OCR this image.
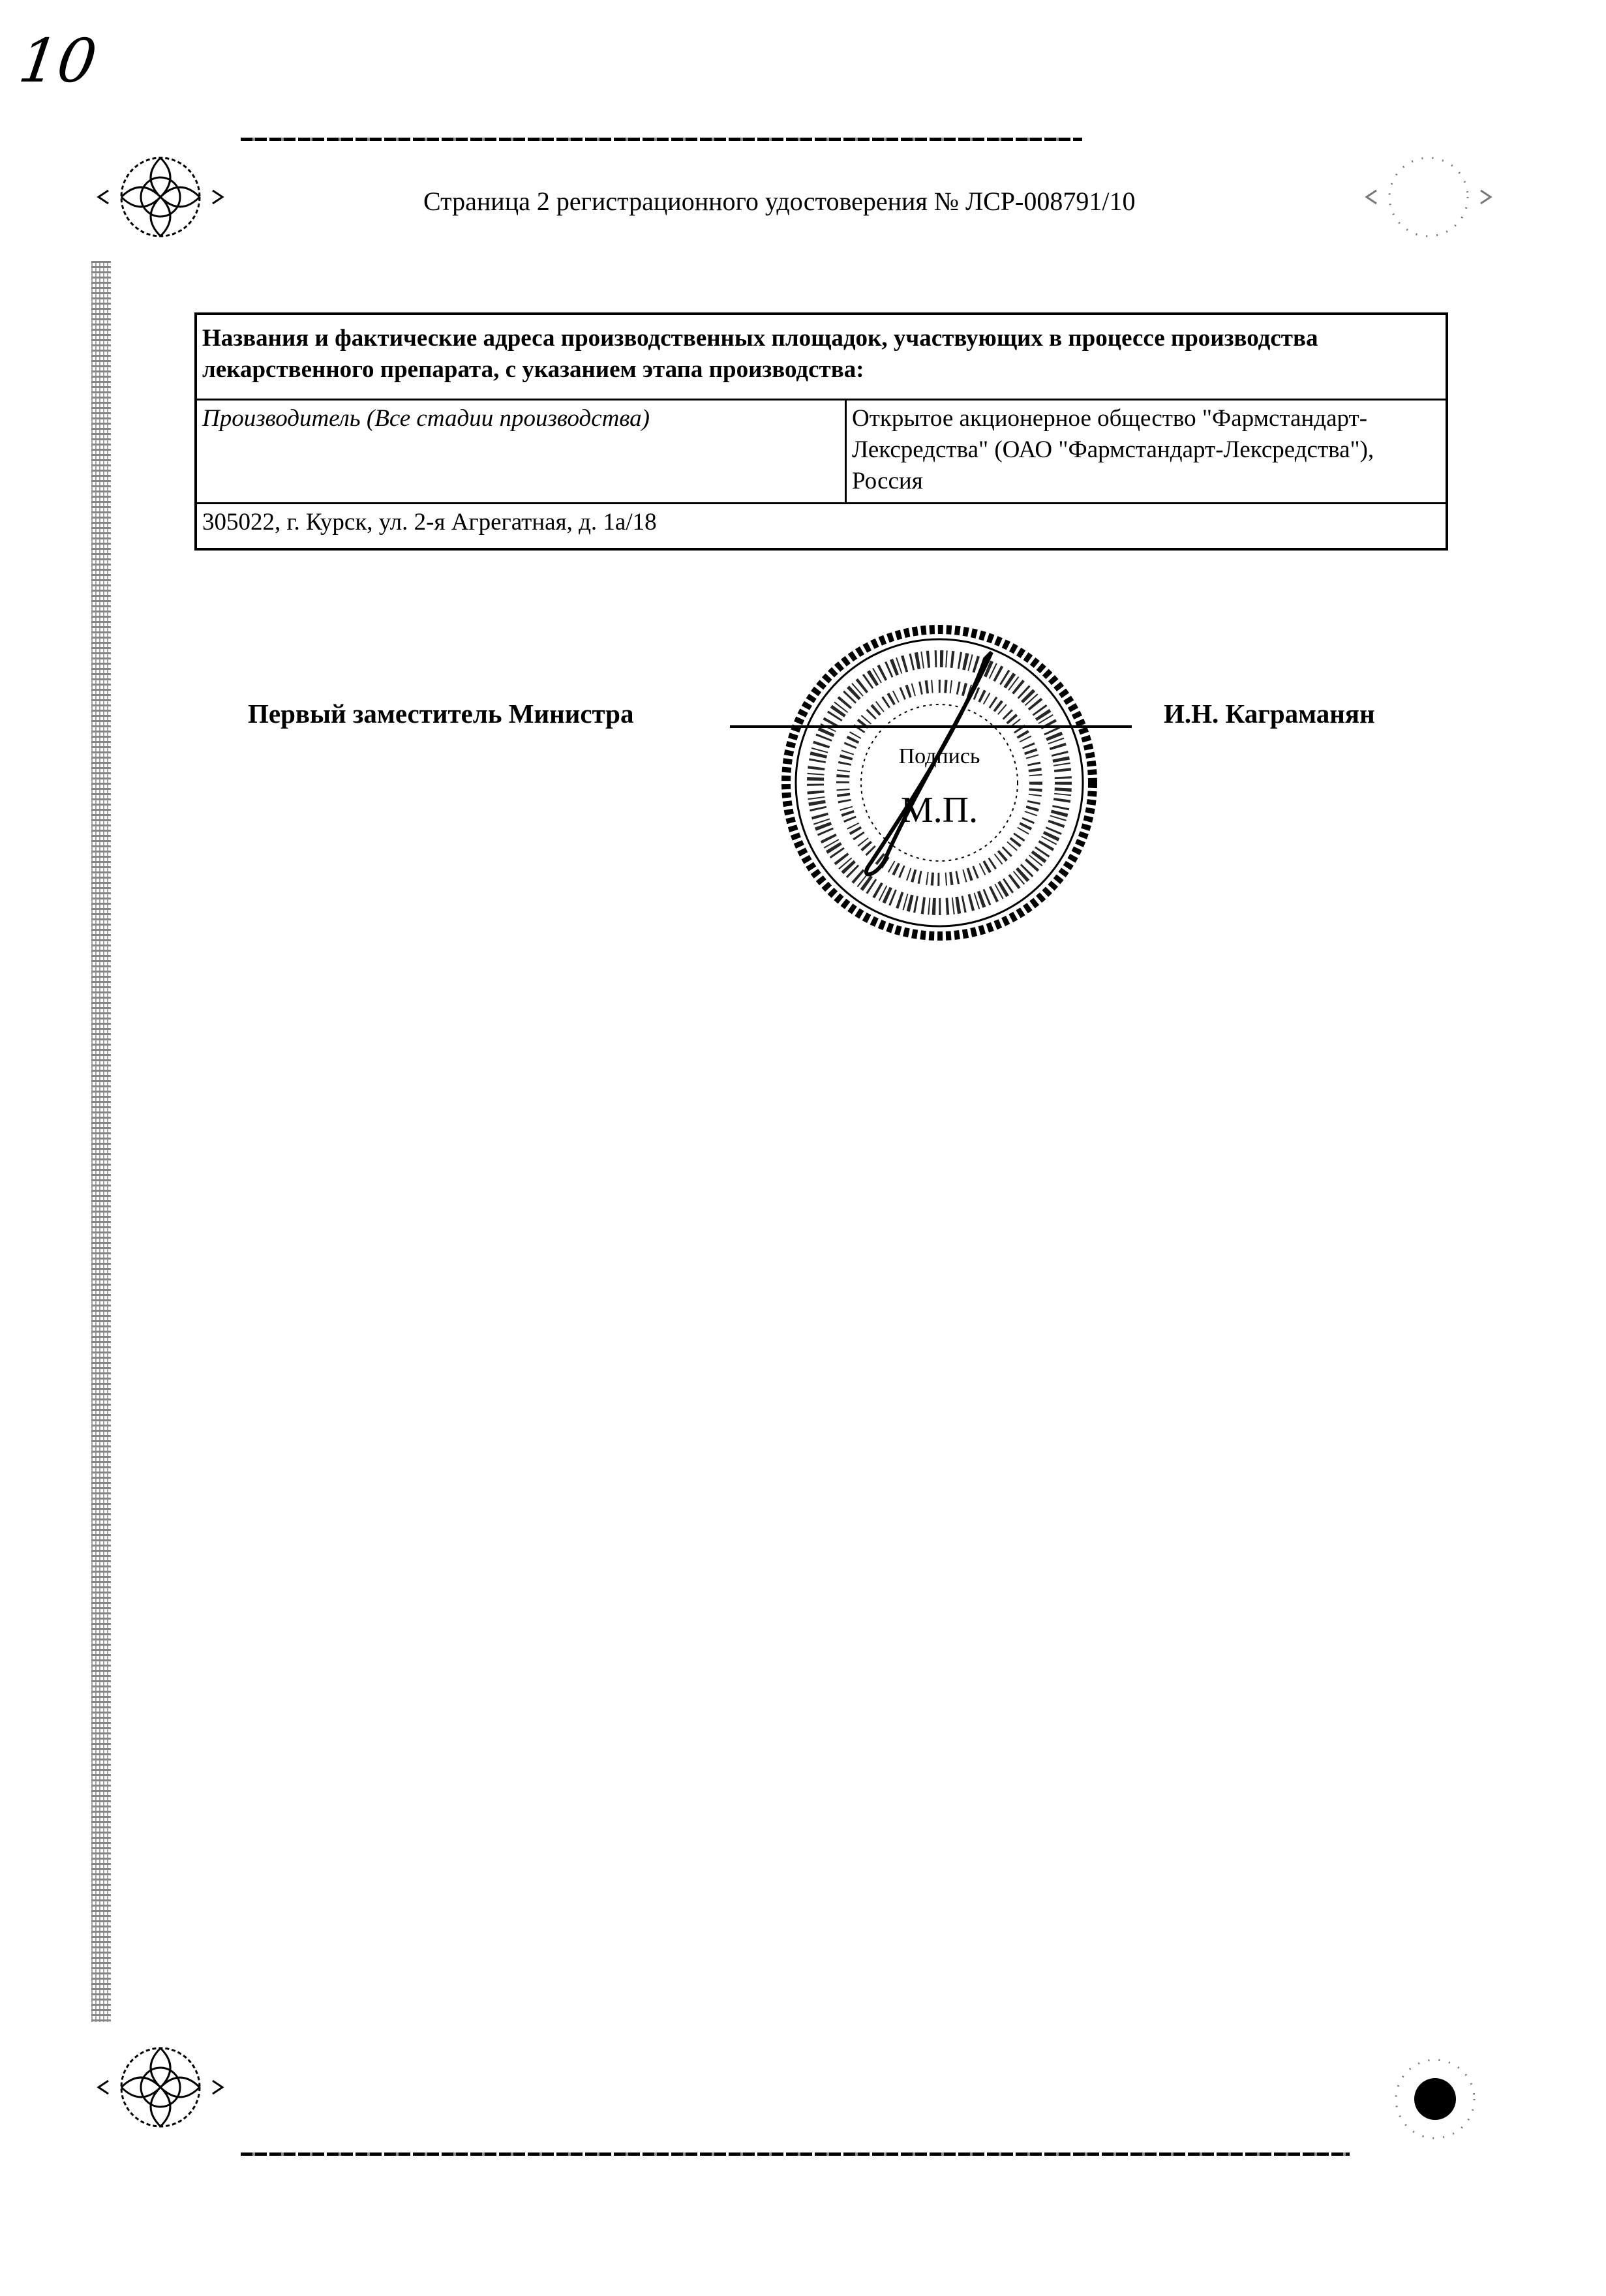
10
Страница 2 регистрационного удостоверения № ЛСР-008791/10
Названия и фактические адреса производственных площадок, участвующих в процессе производства лекарственного препарата, с указанием этапа производства:
Производитель (Все стадии производства)	Открытое акционерное общество "Фармстандарт-Лексредства" (ОАО "Фармстандарт-Лексредства"), Россия
305022, г. Курск, ул. 2-я Агрегатная, д. 1а/18
Первый заместитель Министра	И.Н. Каграманян
Подпись
М.П.
